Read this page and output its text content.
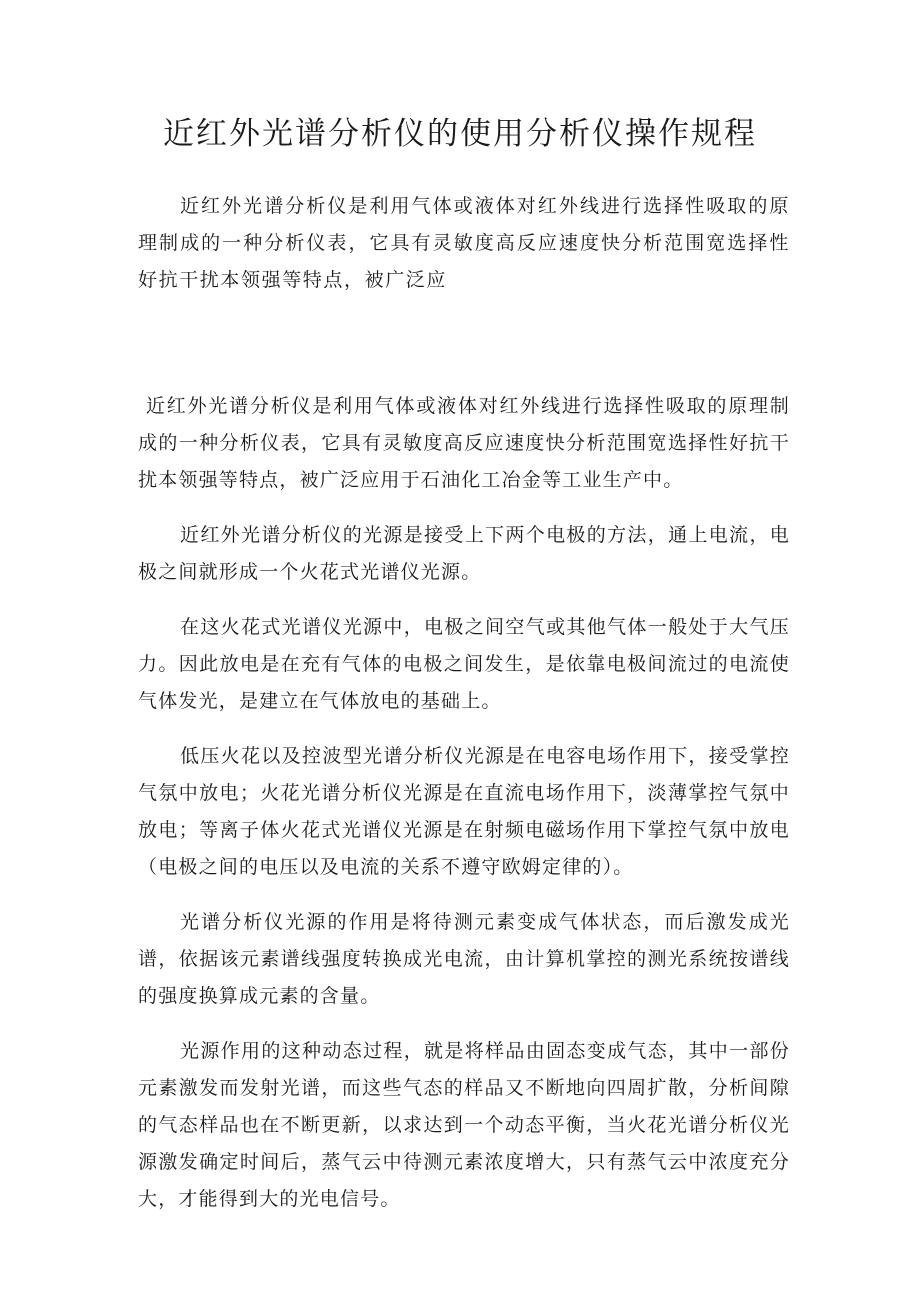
近红外光谱分析仪的使用分析仪操作规程

近红外光谱分析仪是利用气体或液体对红外线进行选择性吸取的原理制成的一种分析仪表，它具有灵敏度高反应速度快分析范围宽选择性好抗干扰本领强等特点，被广泛应

近红外光谱分析仪是利用气体或液体对红外线进行选择性吸取的原理制成的一种分析仪表，它具有灵敏度高反应速度快分析范围宽选择性好抗干扰本领强等特点，被广泛应用于石油化工冶金等工业生产中。

近红外光谱分析仪的光源是接受上下两个电极的方法，通上电流，电极之间就形成一个火花式光谱仪光源。

在这火花式光谱仪光源中，电极之间空气或其他气体一般处于大气压力。因此放电是在充有气体的电极之间发生，是依靠电极间流过的电流使气体发光，是建立在气体放电的基础上。

低压火花以及控波型光谱分析仪光源是在电容电场作用下，接受掌控气氛中放电；火花光谱分析仪光源是在直流电场作用下，淡薄掌控气氛中放电；等离子体火花式光谱仪光源是在射频电磁场作用下掌控气氛中放电（电极之间的电压以及电流的关系不遵守欧姆定律的）。

光谱分析仪光源的作用是将待测元素变成气体状态，而后激发成光谱，依据该元素谱线强度转换成光电流，由计算机掌控的测光系统按谱线的强度换算成元素的含量。

光源作用的这种动态过程，就是将样品由固态变成气态，其中一部份元素激发而发射光谱，而这些气态的样品又不断地向四周扩散，分析间隙的气态样品也在不断更新，以求达到一个动态平衡，当火花光谱分析仪光源激发确定时间后，蒸气云中待测元素浓度增大，只有蒸气云中浓度充分大，才能得到大的光电信号。
